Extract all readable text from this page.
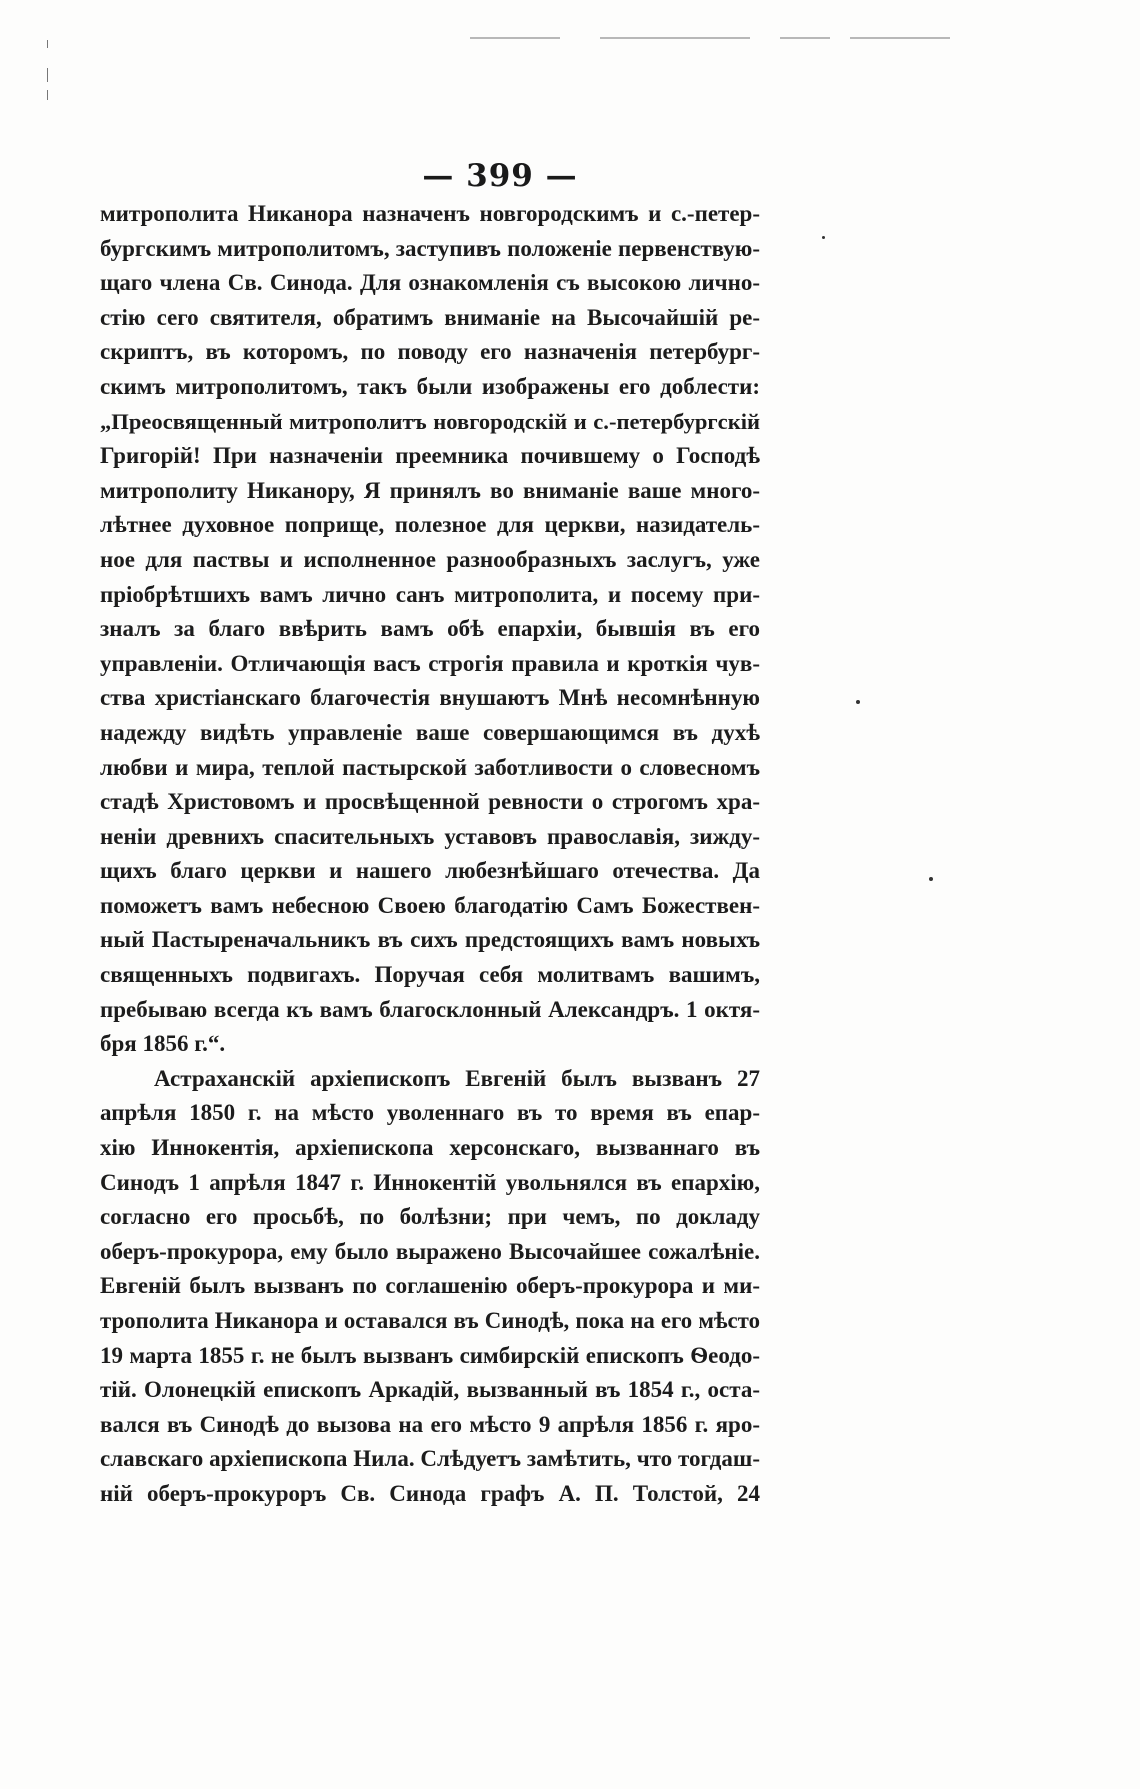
— 399 —
митрополита Никанора назначенъ новгородскимъ и с.-петер-
бургскимъ митрополитомъ, заступивъ положеніе первенствую-
щаго члена Св. Синода. Для ознакомленія съ высокою лично-
стію сего святителя, обратимъ вниманіе на Высочайшій ре-
скриптъ, въ которомъ, по поводу его назначенія петербург-
скимъ митрополитомъ, такъ были изображены его доблести:
„Преосвященный митрополитъ новгородскій и с.-петербургскій
Григорій! При назначеніи преемника почившему о Господѣ
митрополиту Никанору, Я принялъ во вниманіе ваше много-
лѣтнее духовное поприще, полезное для церкви, назидатель-
ное для паствы и исполненное разнообразныхъ заслугъ, уже
пріобрѣтшихъ вамъ лично санъ митрополита, и посему при-
зналъ за благо ввѣрить вамъ обѣ епархіи, бывшія въ его
управленіи. Отличающія васъ строгія правила и кроткія чув-
ства христіанскаго благочестія внушаютъ Мнѣ несомнѣнную
надежду видѣть управленіе ваше совершающимся въ духѣ
любви и мира, теплой пастырской заботливости о словесномъ
стадѣ Христовомъ и просвѣщенной ревности о строгомъ хра-
неніи древнихъ спасительныхъ уставовъ православія, зижду-
щихъ благо церкви и нашего любезнѣйшаго отечества. Да
поможетъ вамъ небесною Своею благодатію Самъ Божествен-
ный Пастыреначальникъ въ сихъ предстоящихъ вамъ новыхъ
священныхъ подвигахъ. Поручая себя молитвамъ вашимъ,
пребываю всегда къ вамъ благосклонный Александръ. 1 октя-
бря 1856 г.“.
Астраханскій архіепископъ Евгеній былъ вызванъ 27
апрѣля 1850 г. на мѣсто уволеннаго въ то время въ епар-
хію Иннокентія, архіепископа херсонскаго, вызваннаго въ
Синодъ 1 апрѣля 1847 г. Иннокентій увольнялся въ епархію,
согласно его просьбѣ, по болѣзни; при чемъ, по докладу
оберъ-прокурора, ему было выражено Высочайшее сожалѣніе.
Евгеній былъ вызванъ по соглашенію оберъ-прокурора и ми-
трополита Никанора и оставался въ Синодѣ, пока на его мѣсто
19 марта 1855 г. не былъ вызванъ симбирскій епископъ Ѳеодо-
тій. Олонецкій епископъ Аркадій, вызванный въ 1854 г., оста-
вался въ Синодѣ до вызова на его мѣсто 9 апрѣля 1856 г. яро-
славскаго архіепископа Нила. Слѣдуетъ замѣтить, что тогдаш-
ній оберъ-прокуроръ Св. Синода графъ А. П. Толстой, 24
